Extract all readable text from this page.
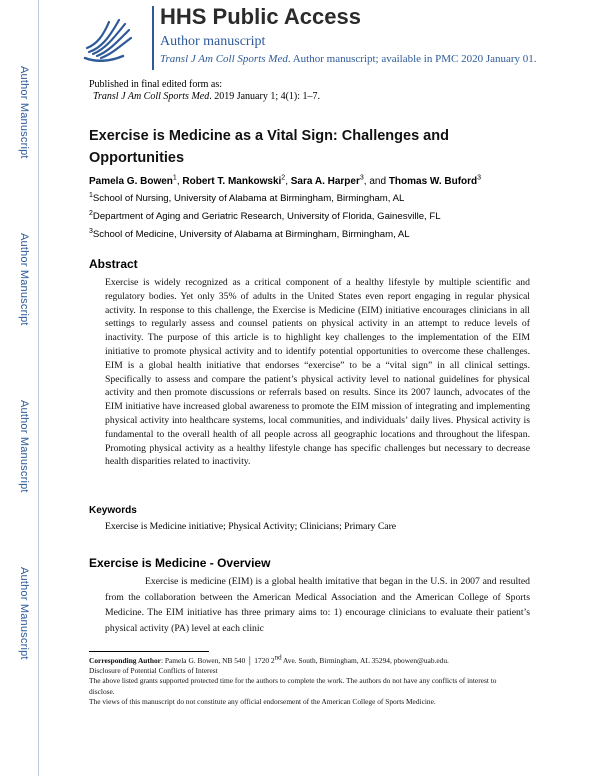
Author Manuscript
Author Manuscript
Author Manuscript
Author Manuscript
HHS Public Access
Author manuscript
Transl J Am Coll Sports Med. Author manuscript; available in PMC 2020 January 01.
Published in final edited form as:
Transl J Am Coll Sports Med. 2019 January 1; 4(1): 1–7.
Exercise is Medicine as a Vital Sign: Challenges and Opportunities
Pamela G. Bowen$^1$, Robert T. Mankowski$^2$, Sara A. Harper$^3$, and Thomas W. Buford$^3$
$^1$School of Nursing, University of Alabama at Birmingham, Birmingham, AL
$^2$Department of Aging and Geriatric Research, University of Florida, Gainesville, FL
$^3$School of Medicine, University of Alabama at Birmingham, Birmingham, AL
Abstract
Exercise is widely recognized as a critical component of a healthy lifestyle by multiple scientific and regulatory bodies. Yet only 35% of adults in the United States even report engaging in regular physical activity. In response to this challenge, the Exercise is Medicine (EIM) initiative encourages clinicians in all settings to regularly assess and counsel patients on physical activity in an attempt to reduce levels of inactivity. The purpose of this article is to highlight key challenges to the implementation of the EIM initiative to promote physical activity and to identify potential opportunities to overcome these challenges. EIM is a global health initiative that endorses “exercise” to be a “vital sign” in all clinical settings. Specifically to assess and compare the patient’s physical activity level to national guidelines for physical activity and then promote discussions or referrals based on results. Since its 2007 launch, advocates of the EIM initiative have increased global awareness to promote the EIM mission of integrating and implementing physical activity into healthcare systems, local communities, and individuals’ daily lives. Physical activity is fundamental to the overall health of all people across all geographic locations and throughout the lifespan. Promoting physical activity as a healthy lifestyle change has specific challenges but necessary to decrease health disparities related to inactivity.
Keywords
Exercise is Medicine initiative; Physical Activity; Clinicians; Primary Care
Exercise is Medicine - Overview
Exercise is medicine (EIM) is a global health imitative that began in the U.S. in 2007 and resulted from the collaboration between the American Medical Association and the American College of Sports Medicine. The EIM initiative has three primary aims to: 1) encourage clinicians to evaluate their patient’s physical activity (PA) level at each clinic

Corresponding Author: Pamela G. Bowen, NB 540 │ 1720 2nd Ave. South, Birmingham, AL 35294, pbowen@uab.edu.

Disclosure of Potential Conflicts of Interest

The above listed grants supported protected time for the authors to complete the work. The authors do not have any conflicts of interest to disclose.

The views of this manuscript do not constitute any official endorsement of the American College of Sports Medicine.
